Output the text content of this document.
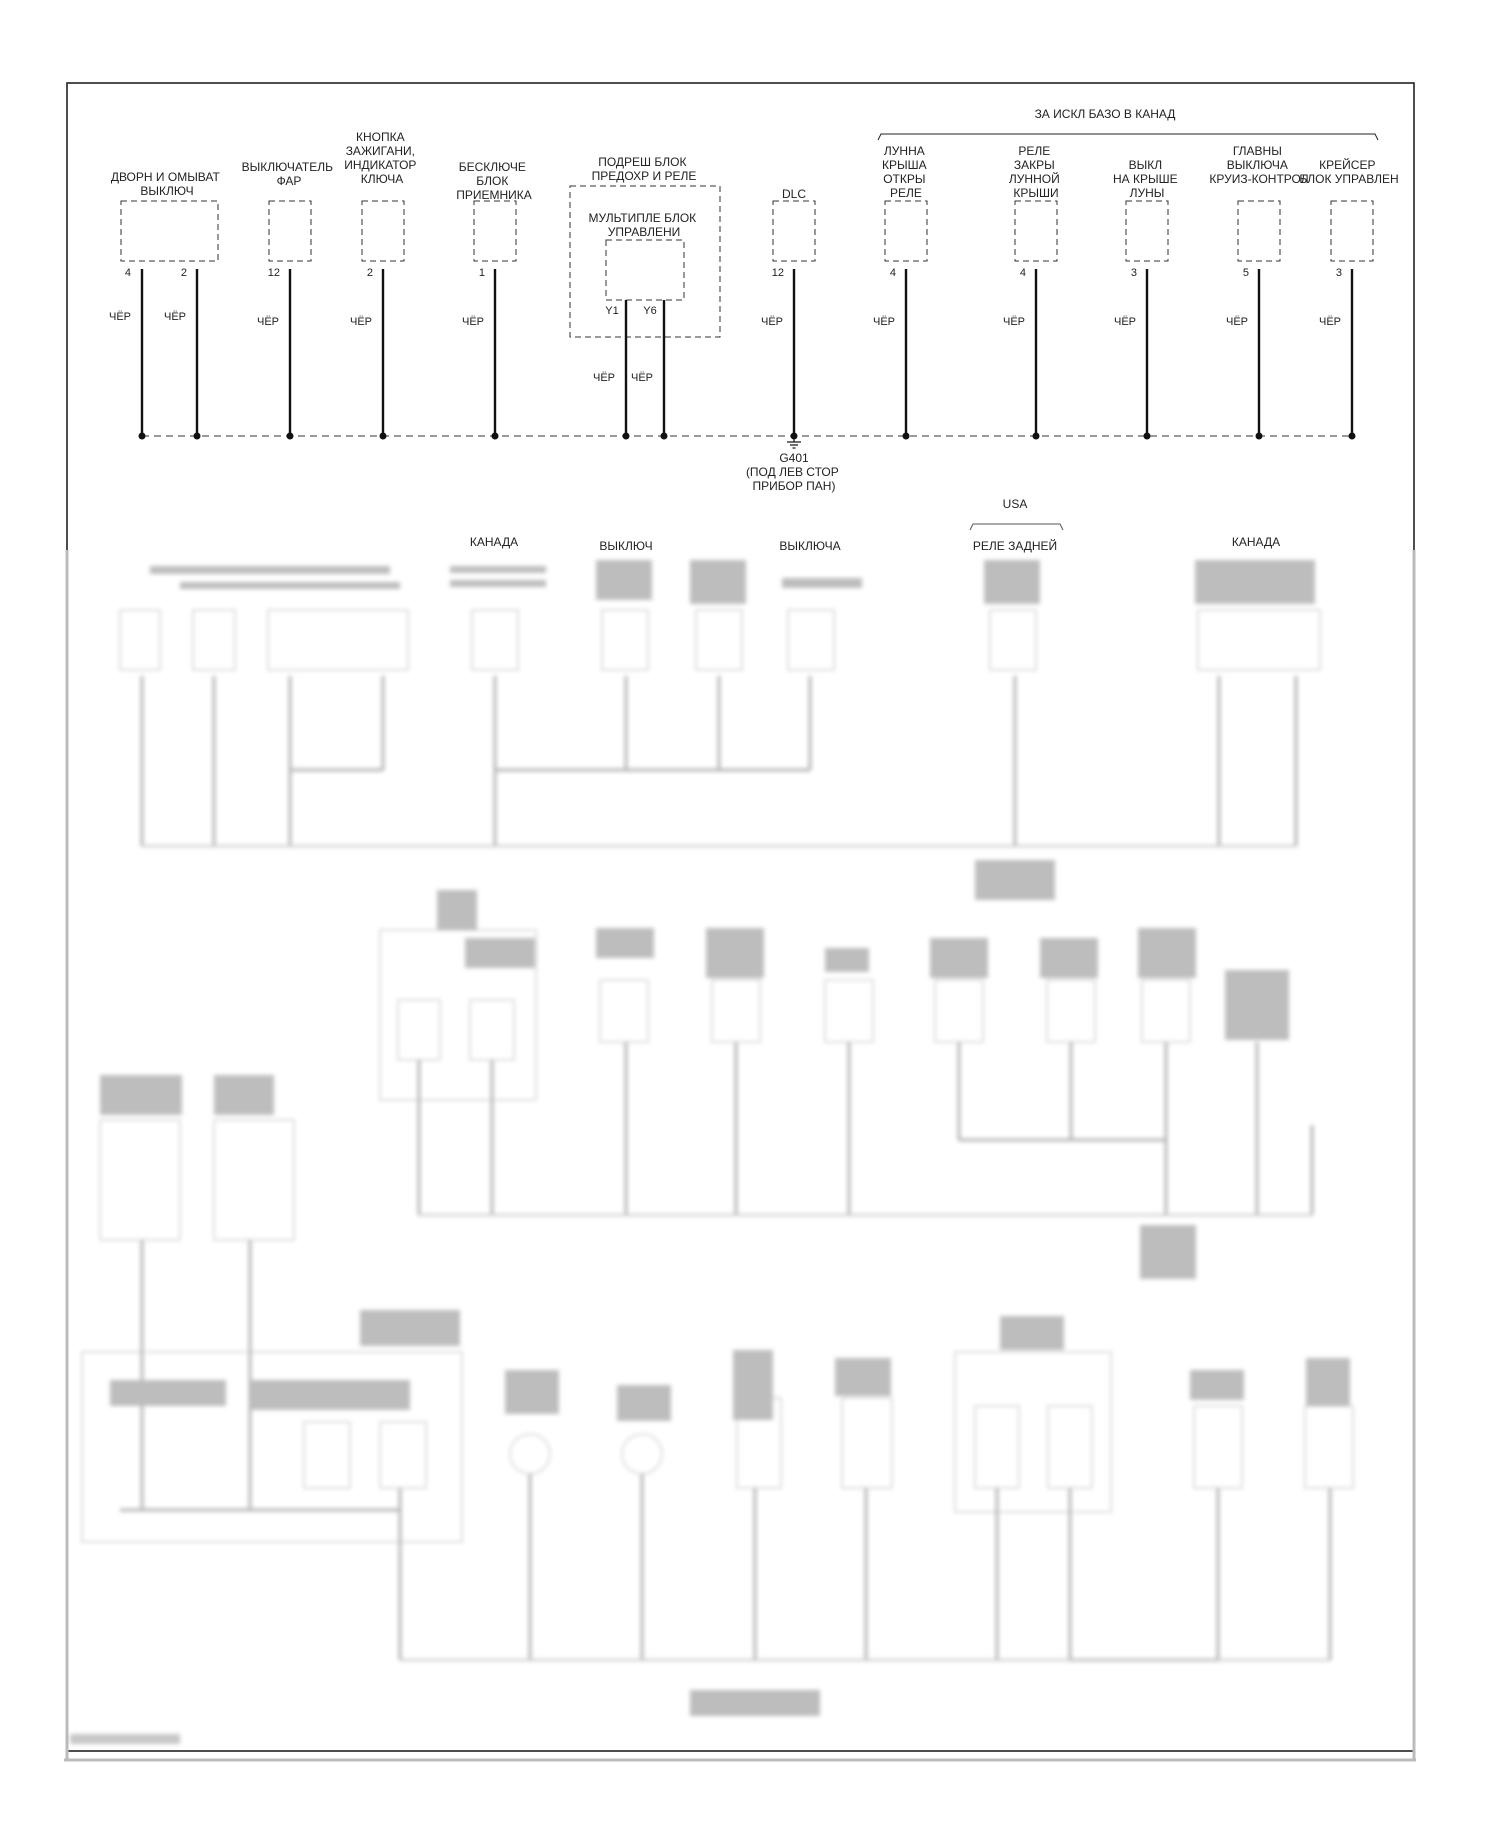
ЗА ИСКЛ БАЗО В КАНАД
ДВОРН И ОМЫВАТ ВЫКЛЮЧ
4	2
ЧЁР	ЧЁР
ВЫКЛЮЧАТЕЛЬ ФАР
12
ЧЁР
КНОПКА ЗАЖИГАНИ, ИНДИКАТОР КЛЮЧА
2
ЧЁР
БЕСКЛЮЧЕ БЛОК ПРИЕМНИКА
1
ЧЁР
ПОДРЕШ БЛОК ПРЕДОХР И РЕЛЕ
МУЛЬТИПЛЕ БЛОК УПРАВЛЕНИ
Y1 Y6
ЧЁР ЧЁР
DLC
12
ЧЁР
ЛУННА КРЫША ОТКРЫ РЕЛЕ
4
ЧЁР
РЕЛЕ ЗАКРЫ ЛУННОЙ КРЫШИ
4
ЧЁР
ВЫКЛ НА КРЫШЕ ЛУНЫ
3
ЧЁР
ГЛАВНЫ ВЫКЛЮЧА КРУИЗ-КОНТРОЛ
5
ЧЁР
КРЕЙСЕР БЛОК УПРАВЛЕН
3
ЧЁР
G401
(ПОД ЛЕВ СТОР ПРИБОР ПАН)
КАНАДА	ВЫКЛЮЧ	ВЫКЛЮЧА
USA
РЕЛЕ ЗАДНЕЙ	КАНАДА
